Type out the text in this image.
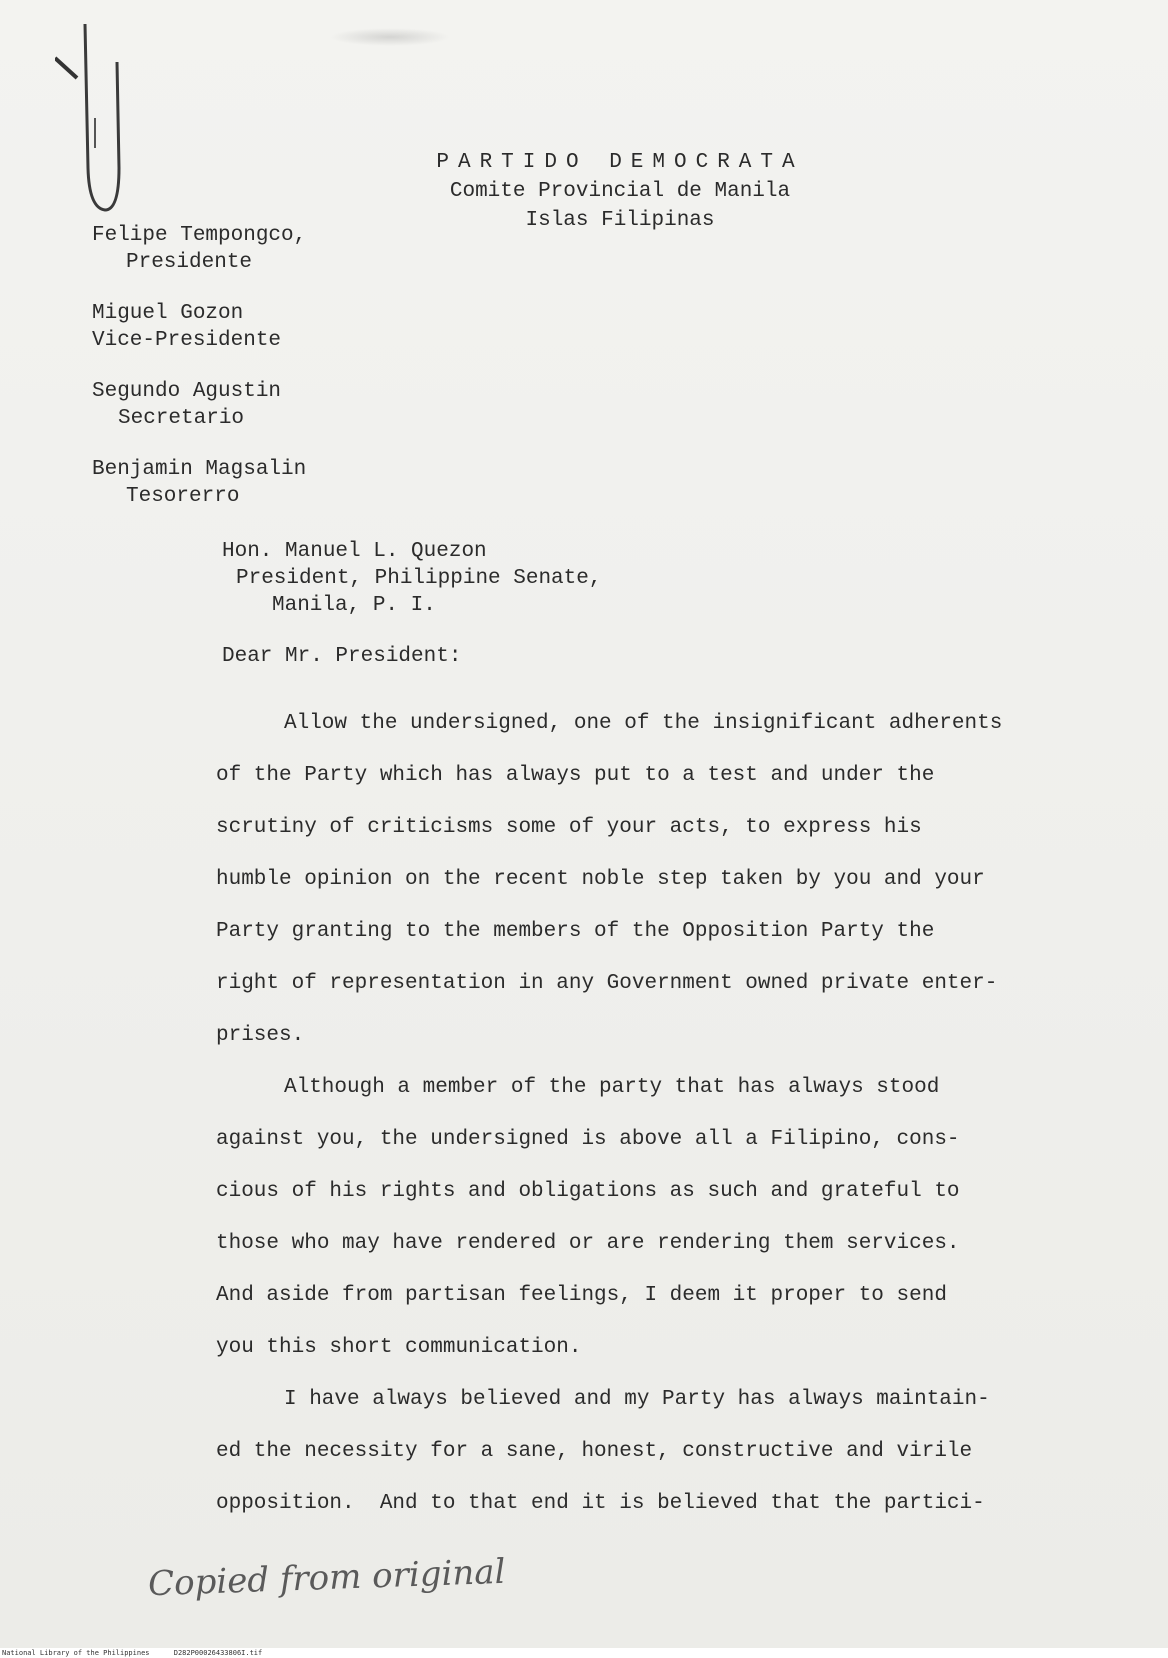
PARTIDO DEMOCRATA
Comite Provincial de Manila
Islas Filipinas
Felipe Tempongco,
Presidente
Miguel Gozon
Vice-Presidente
Segundo Agustin
Secretario
Benjamin Magsalin
Tesorerro
Hon. Manuel L. Quezon
President, Philippine Senate,
Manila, P. I.
Dear Mr. President:
Allow the undersigned, one of the insignificant adherents
of the Party which has always put to a test and under the
scrutiny of criticisms some of your acts, to express his
humble opinion on the recent noble step taken by you and your
Party granting to the members of the Opposition Party the
right of representation in any Government owned private enter-
prises.
Although a member of the party that has always stood
against you, the undersigned is above all a Filipino, cons-
cious of his rights and obligations as such and grateful to
those who may have rendered or are rendering them services.
And aside from partisan feelings, I deem it proper to send
you this short communication.
I have always believed and my Party has always maintain-
ed the necessity for a sane, honest, constructive and virile
opposition.  And to that end it is believed that the partici-
Copied from original
National Library of the Philippines	D282P00026433806I.tif
